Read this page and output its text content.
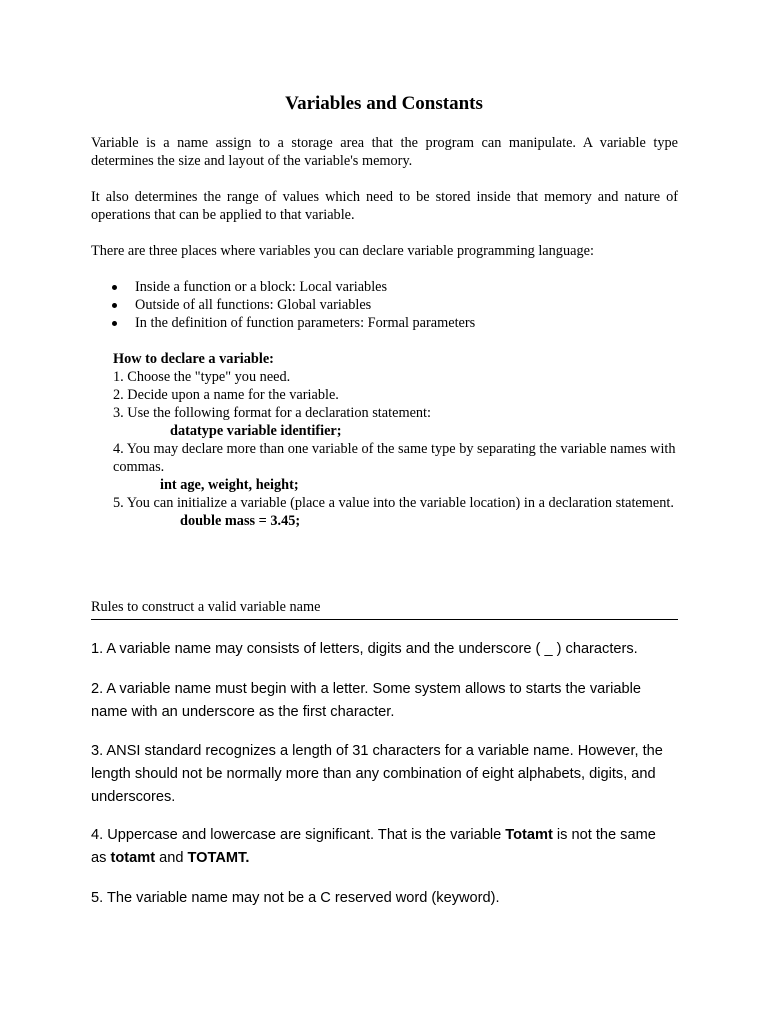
Variables and Constants

Variable is a name assign to a storage area that the program can manipulate. A variable type determines the size and layout of the variable's memory.

It also determines the range of values which need to be stored inside that memory and nature of operations that can be applied to that variable.

There are three places where variables you can declare variable programming language:

Inside a function or a block: Local variables
Outside of all functions: Global variables
In the definition of function parameters: Formal parameters
How to declare a variable:
1. Choose the "type" you need.
2. Decide upon a name for the variable.
3. Use the following format for a declaration statement:
datatype variable identifier;
4. You may declare more than one variable of the same type by separating the variable names with commas.
int age, weight, height;
5. You can initialize a variable (place a value into the variable location) in a declaration statement.
double mass = 3.45;
Rules to construct a valid variable name
1. A variable name may consists of letters, digits and the underscore ( _ ) characters.
2. A variable name must begin with a letter. Some system allows to starts the variable name with an underscore as the first character.
3. ANSI standard recognizes a length of 31 characters for a variable name. However, the length should not be normally more than any combination of eight alphabets, digits, and underscores.
4. Uppercase and lowercase are significant. That is the variable Totamt is not the same as totamt and TOTAMT.
5. The variable name may not be a C reserved word (keyword).
